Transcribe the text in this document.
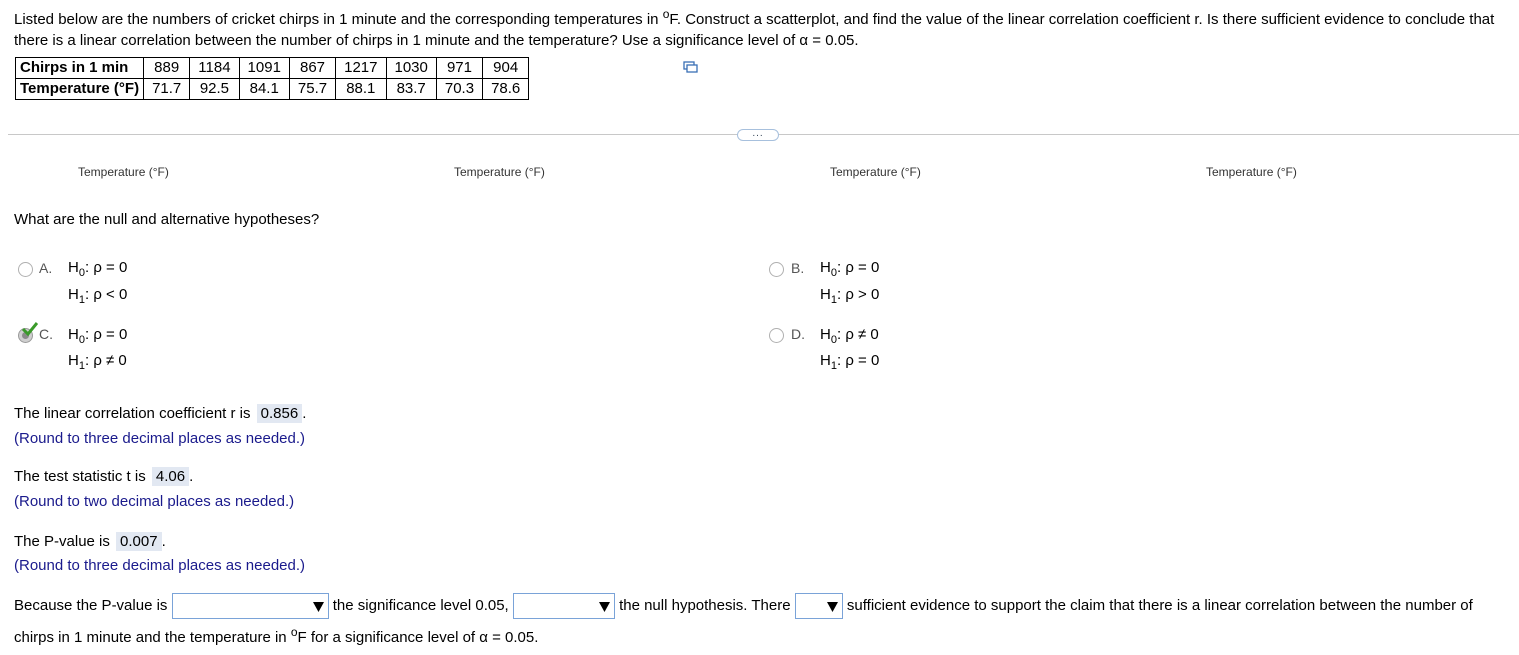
Listed below are the numbers of cricket chirps in 1 minute and the corresponding temperatures in $^o$F. Construct a scatterplot, and find the value of the linear correlation coefficient r. Is there sufficient evidence to conclude that there is a linear correlation between the number of chirps in 1 minute and the temperature? Use a significance level of α = 0.05.
Chirps in 1 min	889	1184	1091	867	1217	1030	971	904
Temperature (°F)	71.7	92.5	84.1	75.7	88.1	83.7	70.3	78.6
...
Temperature (°F)	Temperature (°F)	Temperature (°F)	Temperature (°F)
What are the null and alternative hypotheses?
A. $H_0$: ρ = 0
$H_1$: ρ < 0
B. $H_0$: ρ = 0
$H_1$: ρ > 0
C. $H_0$: ρ = 0
$H_1$: ρ ≠ 0
D. $H_0$: ρ ≠ 0
$H_1$: ρ = 0
The linear correlation coefficient r is 0.856 .
(Round to three decimal places as needed.)
The test statistic t is 4.06 .
(Round to two decimal places as needed.)
The P-value is 0.007 .
(Round to three decimal places as needed.)
Because the P-value is	the significance level 0.05,	the null hypothesis. There	sufficient evidence to support the claim that there is a linear correlation between the number of chirps in 1 minute and the temperature in $^o$F for a significance level of α = 0.05.
